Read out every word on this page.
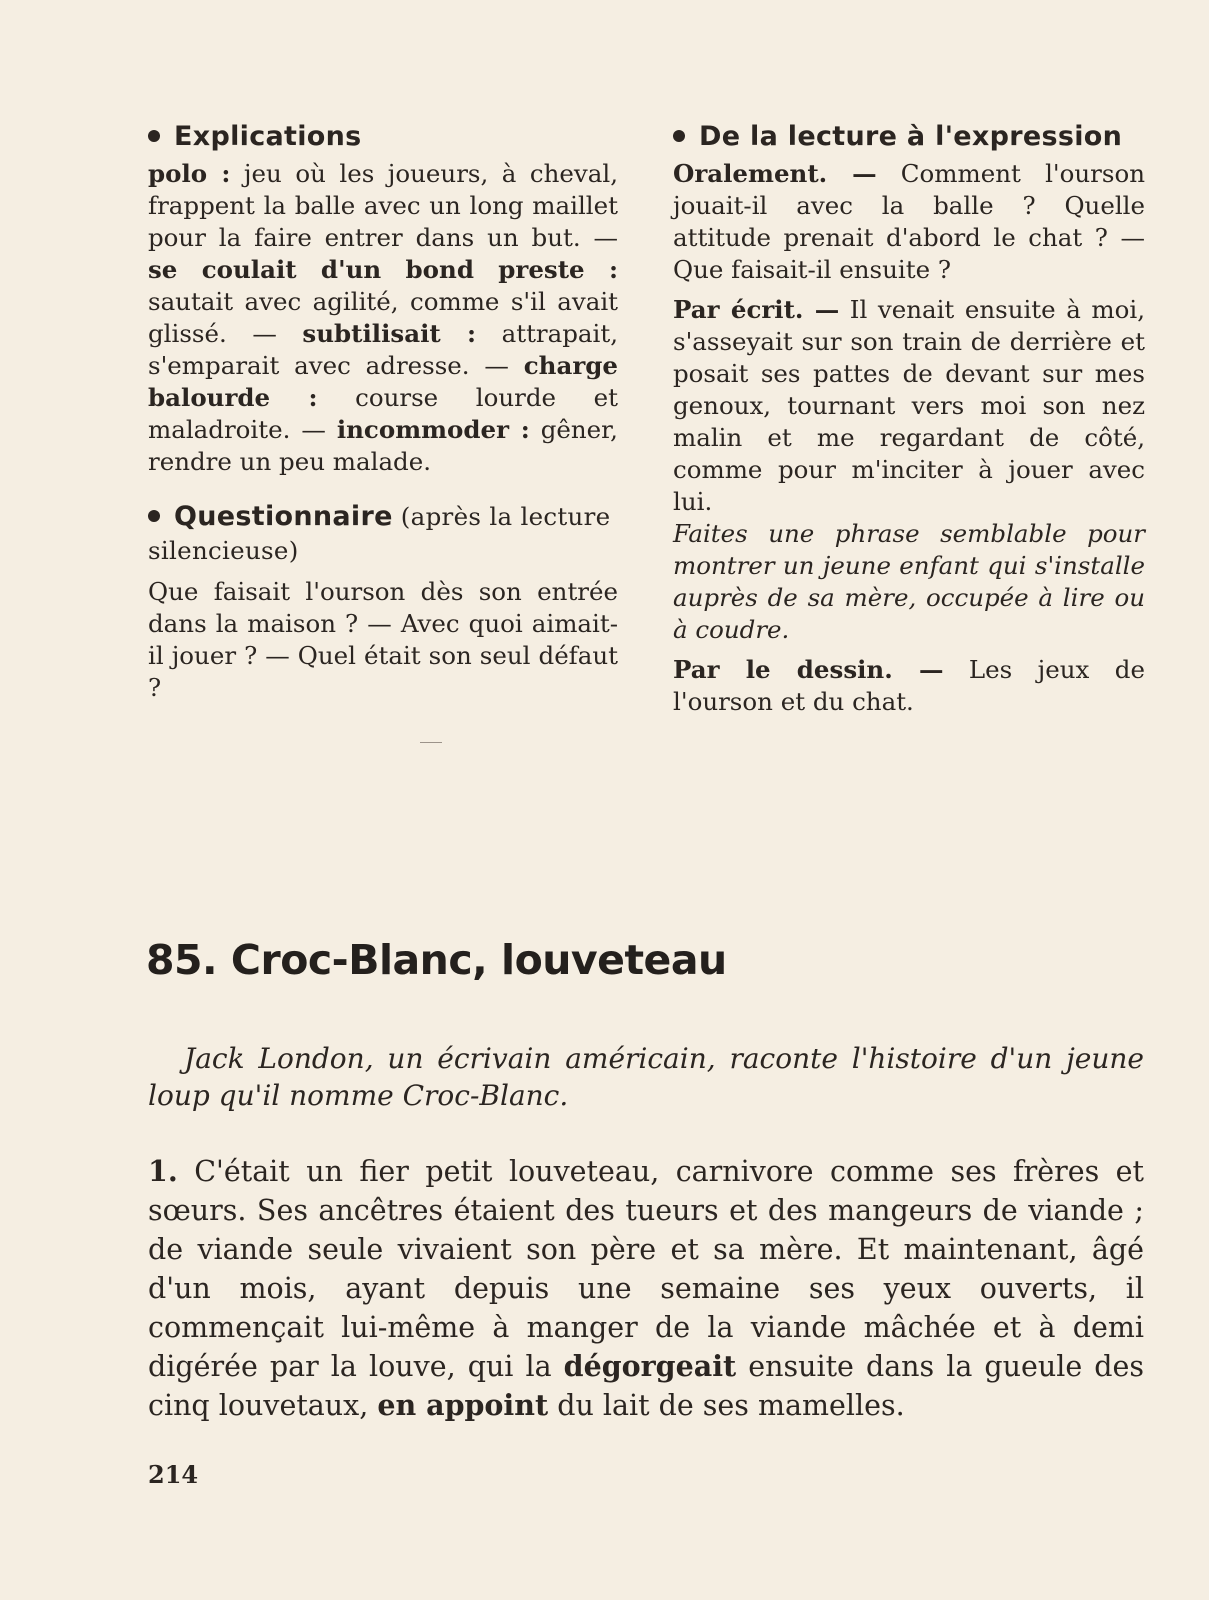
Explications

polo : jeu où les joueurs, à cheval, frappent la balle avec un long maillet pour la faire entrer dans un but. — se coulait d'un bond preste : sautait avec agilité, comme s'il avait glissé. — subtilisait : attrapait, s'emparait avec adresse. — charge balourde : course lourde et maladroite. — incommoder : gêner, rendre un peu malade.

Questionnaire (après la lecture silencieuse)

Que faisait l'ourson dès son entrée dans la maison ? — Avec quoi aimait-il jouer ? — Quel était son seul défaut ?

De la lecture à l'expression

Oralement. — Comment l'ourson jouait-il avec la balle ? Quelle attitude prenait d'abord le chat ? — Que faisait-il ensuite ?

Par écrit. — Il venait ensuite à moi, s'asseyait sur son train de derrière et posait ses pattes de devant sur mes genoux, tournant vers moi son nez malin et me regardant de côté, comme pour m'inciter à jouer avec lui.

Faites une phrase semblable pour montrer un jeune enfant qui s'installe auprès de sa mère, occupée à lire ou à coudre.

Par le dessin. — Les jeux de l'ourson et du chat.

85. Croc-Blanc, louveteau

Jack London, un écrivain américain, raconte l'histoire d'un jeune loup qu'il nomme Croc-Blanc.

1. C'était un fier petit louveteau, carnivore comme ses frères et sœurs. Ses ancêtres étaient des tueurs et des mangeurs de viande ; de viande seule vivaient son père et sa mère. Et maintenant, âgé d'un mois, ayant depuis une semaine ses yeux ouverts, il commençait lui-même à manger de la viande mâchée et à demi digérée par la louve, qui la dégorgeait ensuite dans la gueule des cinq louvetaux, en appoint du lait de ses mamelles.

214
